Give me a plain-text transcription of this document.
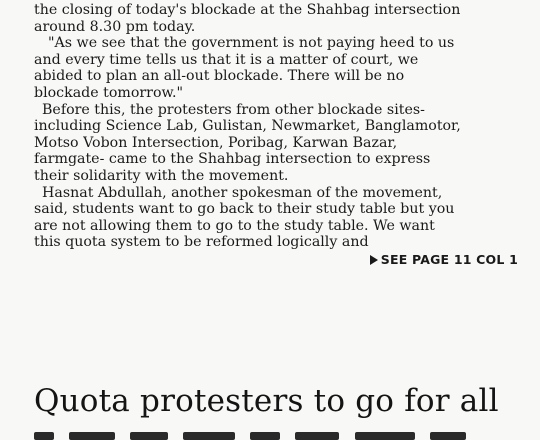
the closing of today's blockade at the Shahbag intersection
around 8.30 pm today.
"As we see that the government is not paying heed to us
and every time tells us that it is a matter of court, we
abided to plan an all-out blockade. There will be no
blockade tomorrow."
Before this, the protesters from other blockade sites-
including Science Lab, Gulistan, Newmarket, Banglamotor,
Motso Vobon Intersection, Poribag, Karwan Bazar,
farmgate- came to the Shahbag intersection to express
their solidarity with the movement.
Hasnat Abdullah, another spokesman of the movement,
said, students want to go back to their study table but you
are not allowing them to go to the study table. We want
this quota system to be reformed logically and
SEE PAGE 11 COL 1
Quota protesters to go for all
